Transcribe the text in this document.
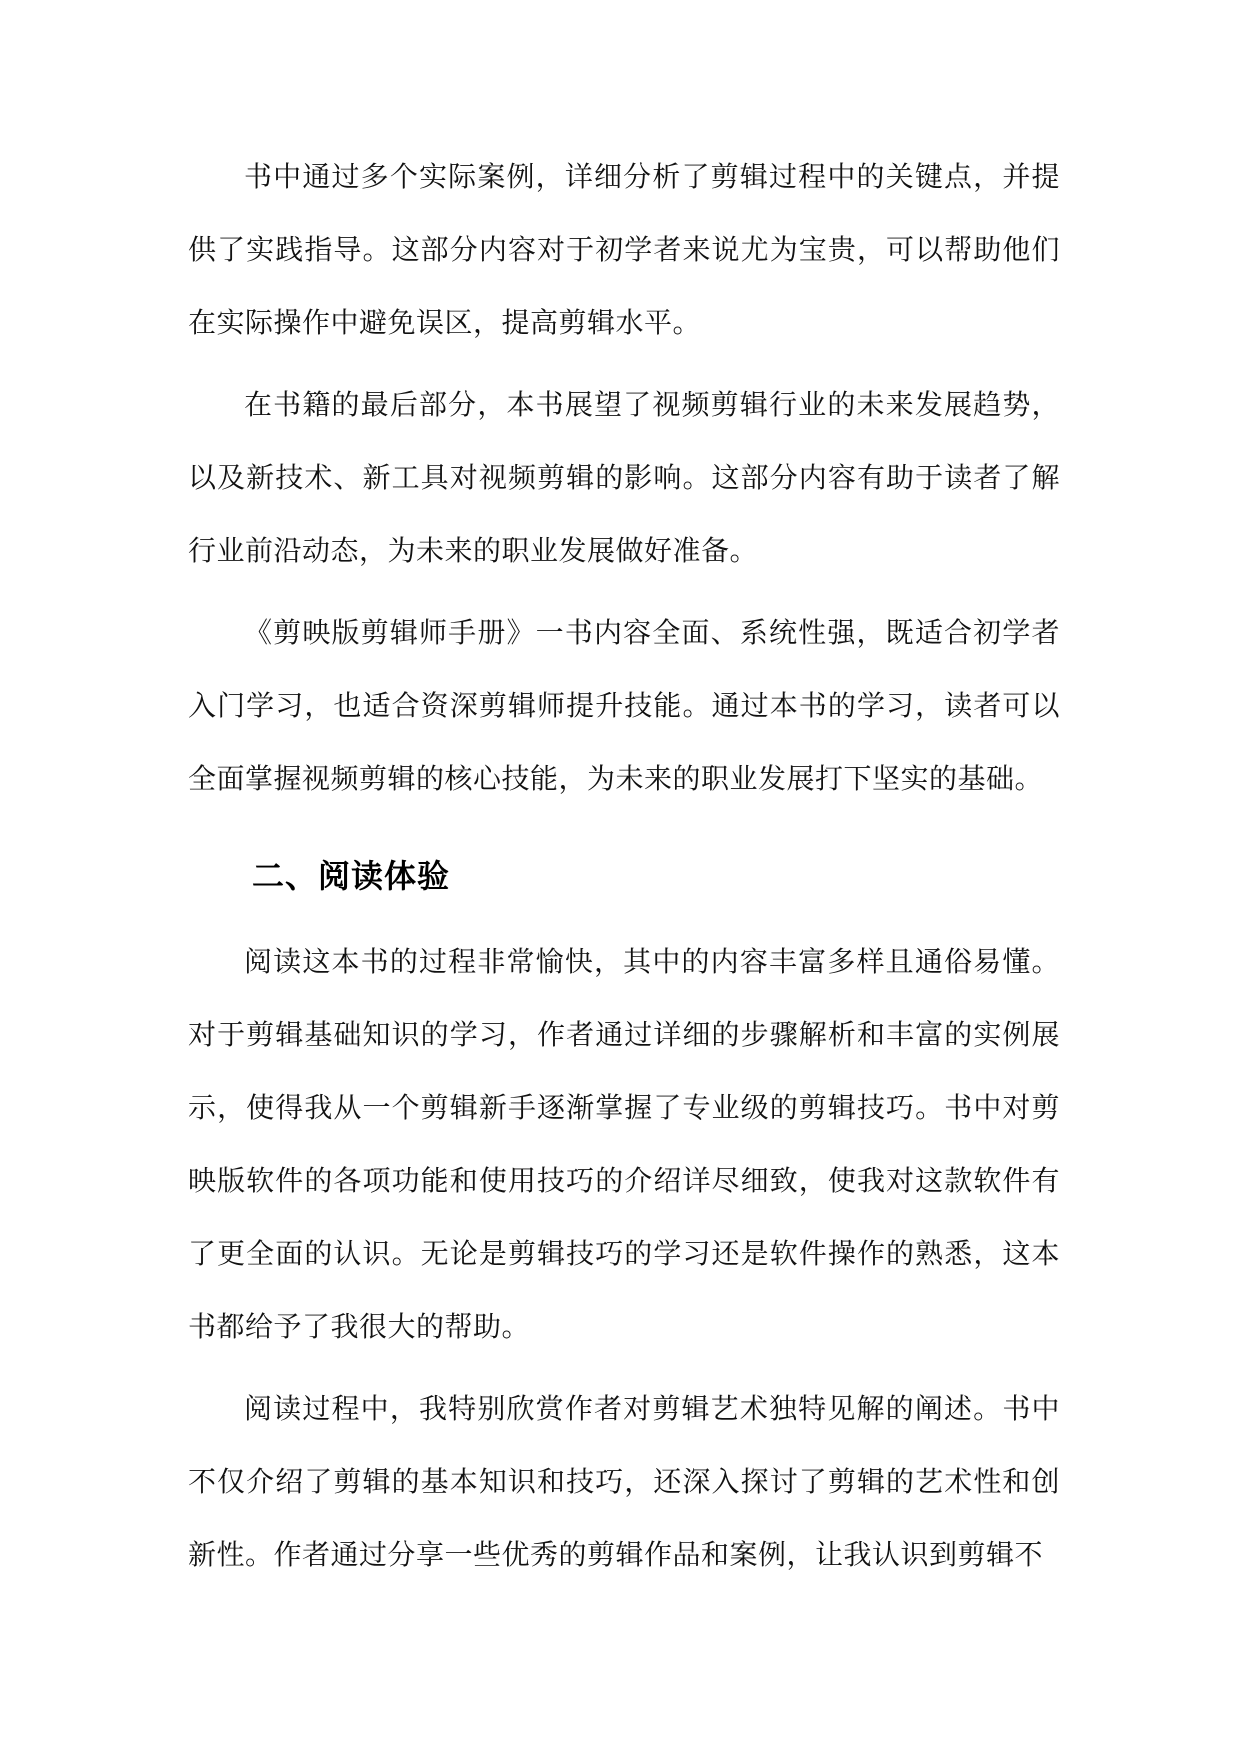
书中通过多个实际案例，详细分析了剪辑过程中的关键点，并提供了实践指导。这部分内容对于初学者来说尤为宝贵，可以帮助他们在实际操作中避免误区，提高剪辑水平。

在书籍的最后部分，本书展望了视频剪辑行业的未来发展趋势，以及新技术、新工具对视频剪辑的影响。这部分内容有助于读者了解行业前沿动态，为未来的职业发展做好准备。

《剪映版剪辑师手册》一书内容全面、系统性强，既适合初学者入门学习，也适合资深剪辑师提升技能。通过本书的学习，读者可以全面掌握视频剪辑的核心技能，为未来的职业发展打下坚实的基础。

二、阅读体验

阅读这本书的过程非常愉快，其中的内容丰富多样且通俗易懂。对于剪辑基础知识的学习，作者通过详细的步骤解析和丰富的实例展示，使得我从一个剪辑新手逐渐掌握了专业级的剪辑技巧。书中对剪映版软件的各项功能和使用技巧的介绍详尽细致，使我对这款软件有了更全面的认识。无论是剪辑技巧的学习还是软件操作的熟悉，这本书都给予了我很大的帮助。

阅读过程中，我特别欣赏作者对剪辑艺术独特见解的阐述。书中不仅介绍了剪辑的基本知识和技巧，还深入探讨了剪辑的艺术性和创新性。作者通过分享一些优秀的剪辑作品和案例，让我认识到剪辑不
